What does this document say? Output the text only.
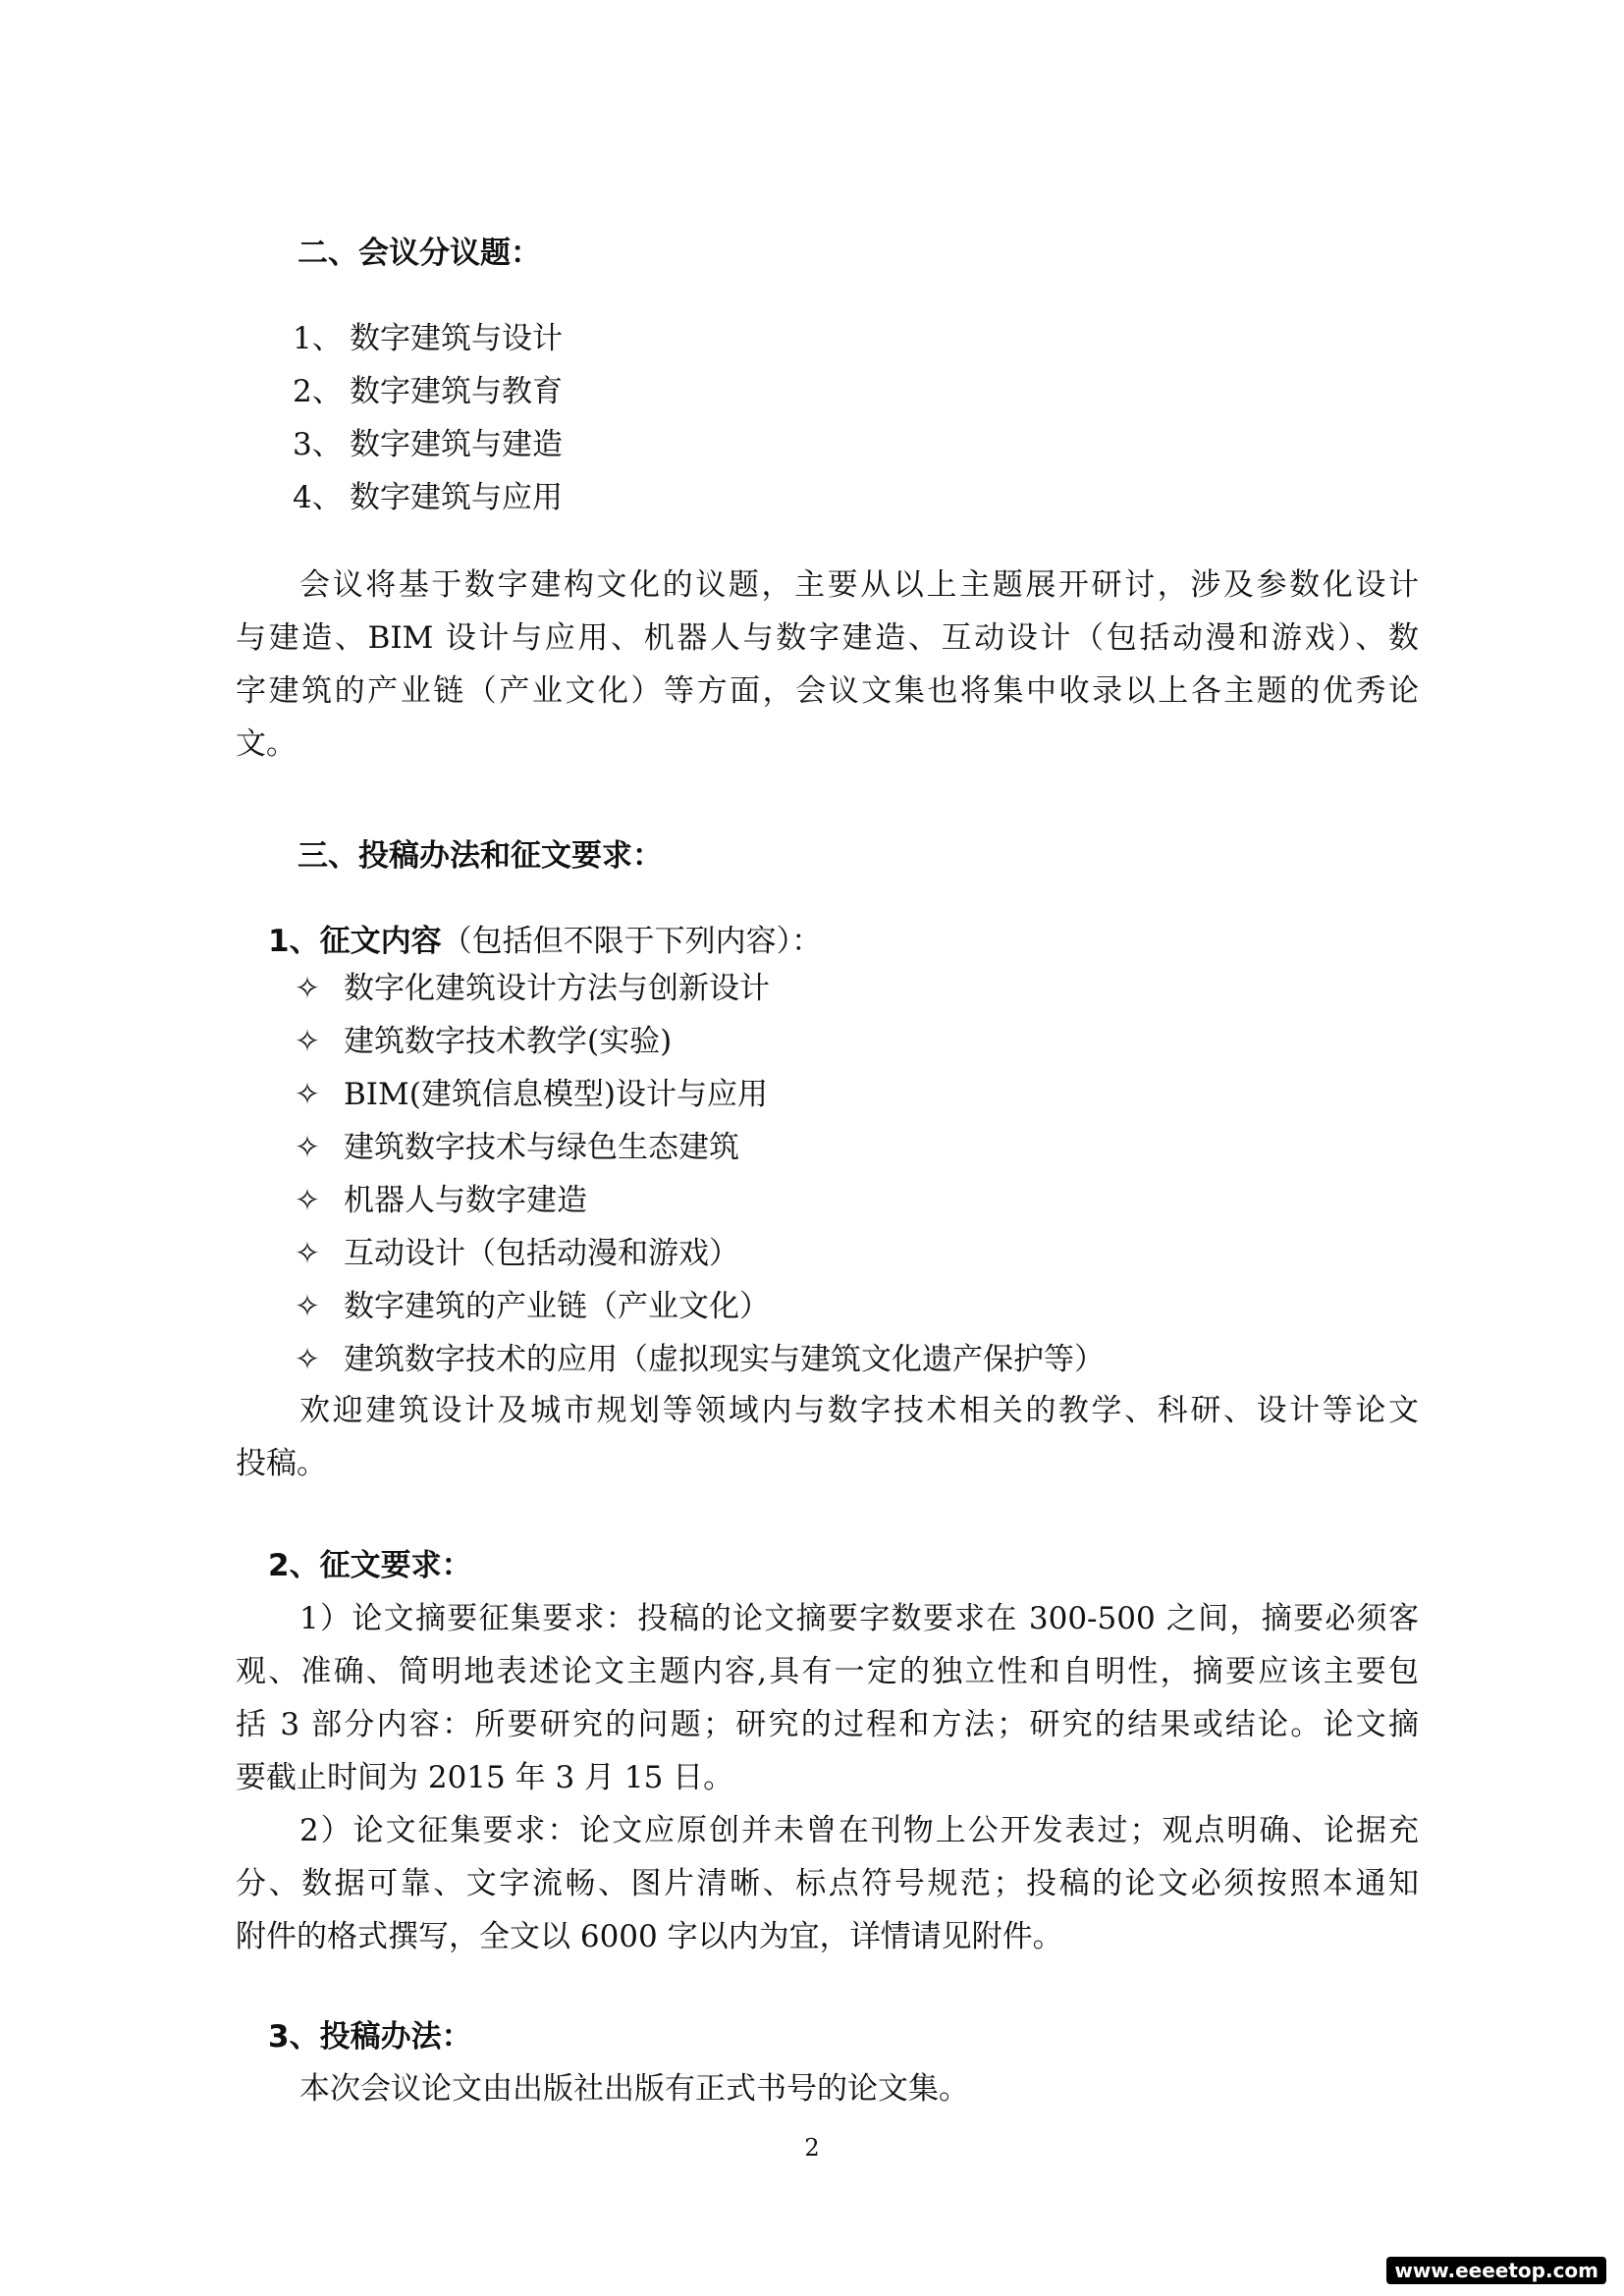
二、会议分议题：
1、 数字建筑与设计
2、 数字建筑与教育
3、 数字建筑与建造
4、 数字建筑与应用
会议将基于数字建构文化的议题，主要从以上主题展开研讨，涉及参数化设计
与建造、BIM 设计与应用、机器人与数字建造、互动设计（包括动漫和游戏）、数
字建筑的产业链（产业文化）等方面，会议文集也将集中收录以上各主题的优秀论
文。
三、投稿办法和征文要求：
1、征文内容（包括但不限于下列内容）：
✧ 数字化建筑设计方法与创新设计
✧ 建筑数字技术教学(实验)
✧ BIM(建筑信息模型)设计与应用
✧ 建筑数字技术与绿色生态建筑
✧ 机器人与数字建造
✧ 互动设计（包括动漫和游戏）
✧ 数字建筑的产业链（产业文化）
✧ 建筑数字技术的应用（虚拟现实与建筑文化遗产保护等）
欢迎建筑设计及城市规划等领域内与数字技术相关的教学、科研、设计等论文
投稿。
2、征文要求：
1）论文摘要征集要求：投稿的论文摘要字数要求在 300-500 之间，摘要必须客
观、准确、简明地表述论文主题内容,具有一定的独立性和自明性，摘要应该主要包
括 3 部分内容：所要研究的问题；研究的过程和方法；研究的结果或结论。论文摘
要截止时间为 2015 年 3 月 15 日。
2）论文征集要求：论文应原创并未曾在刊物上公开发表过；观点明确、论据充
分、数据可靠、文字流畅、图片清晰、标点符号规范；投稿的论文必须按照本通知
附件的格式撰写，全文以 6000 字以内为宜，详情请见附件。
3、投稿办法：
本次会议论文由出版社出版有正式书号的论文集。
2
www.eeeetop.com
